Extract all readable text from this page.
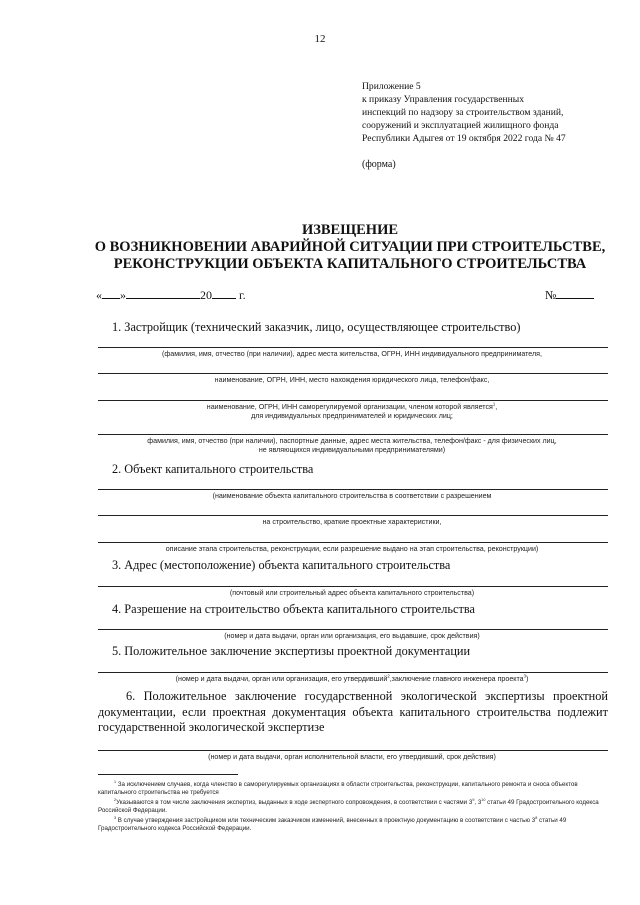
12
Приложение 5
к приказу Управления государственных
инспекций по надзору за строительством зданий,
сооружений и эксплуатацией жилищного фонда
Республики Адыгея от 19 октября 2022 года № 47
(форма)
ИЗВЕЩЕНИЕ
О ВОЗНИКНОВЕНИИ АВАРИЙНОЙ СИТУАЦИИ ПРИ СТРОИТЕЛЬСТВЕ,
РЕКОНСТРУКЦИИ ОБЪЕКТА КАПИТАЛЬНОГО СТРОИТЕЛЬСТВА
« »	20 г.	№
1. Застройщик (технический заказчик, лицо, осуществляющее строительство)
(фамилия, имя, отчество (при наличии), адрес места жительства, ОГРН, ИНН индивидуального предпринимателя,
наименование, ОГРН, ИНН, место нахождения юридического лица, телефон/факс,
наименование, ОГРН, ИНН саморегулируемой организации, членом которой является$^1$,
для индивидуальных предпринимателей и юридических лиц;
фамилия, имя, отчество (при наличии), паспортные данные, адрес места жительства, телефон/факс - для физических лиц,
не являющихся индивидуальными предпринимателями)
2. Объект капитального строительства
(наименование объекта капитального строительства в соответствии с разрешением
на строительство, краткие проектные характеристики,
описание этапа строительства, реконструкции, если разрешение выдано на этап строительства, реконструкции)
3. Адрес (местоположение) объекта капитального строительства
(почтовый или строительный адрес объекта капитального строительства)
4. Разрешение на строительство объекта капитального строительства
(номер и дата выдачи, орган или организация, его выдавшие, срок действия)
5. Положительное заключение экспертизы проектной документации
(номер и дата выдачи, орган или организация, его утвердивший$^2$,заключение главного инженера проекта$^3$)
6. Положительное заключение государственной экологической экспертизы проектной документации, если проектная документация объекта капитального строительства подлежит государственной экологической экспертизе
(номер и дата выдачи, орган исполнительной власти, его утвердивший, срок действия)
$^1$ За исключением случаев, когда членство в саморегулируемых организациях в области строительства, реконструкции, капитального ремонта и сноса объектов капитального строительства не требуется
$^2$Указываются в том числе заключения экспертиз, выданных в ходе экспертного сопровождения, в соответствии с частями $3^9$, $3^{10}$ статьи 49 Градостроительного кодекса Российской Федерации.
$^3$ В случае утверждения застройщиком или техническим заказчиком изменений, внесенных в проектную документацию в соответствии с частью $3^8$ статьи 49 Градостроительного кодекса Российской Федерации.
